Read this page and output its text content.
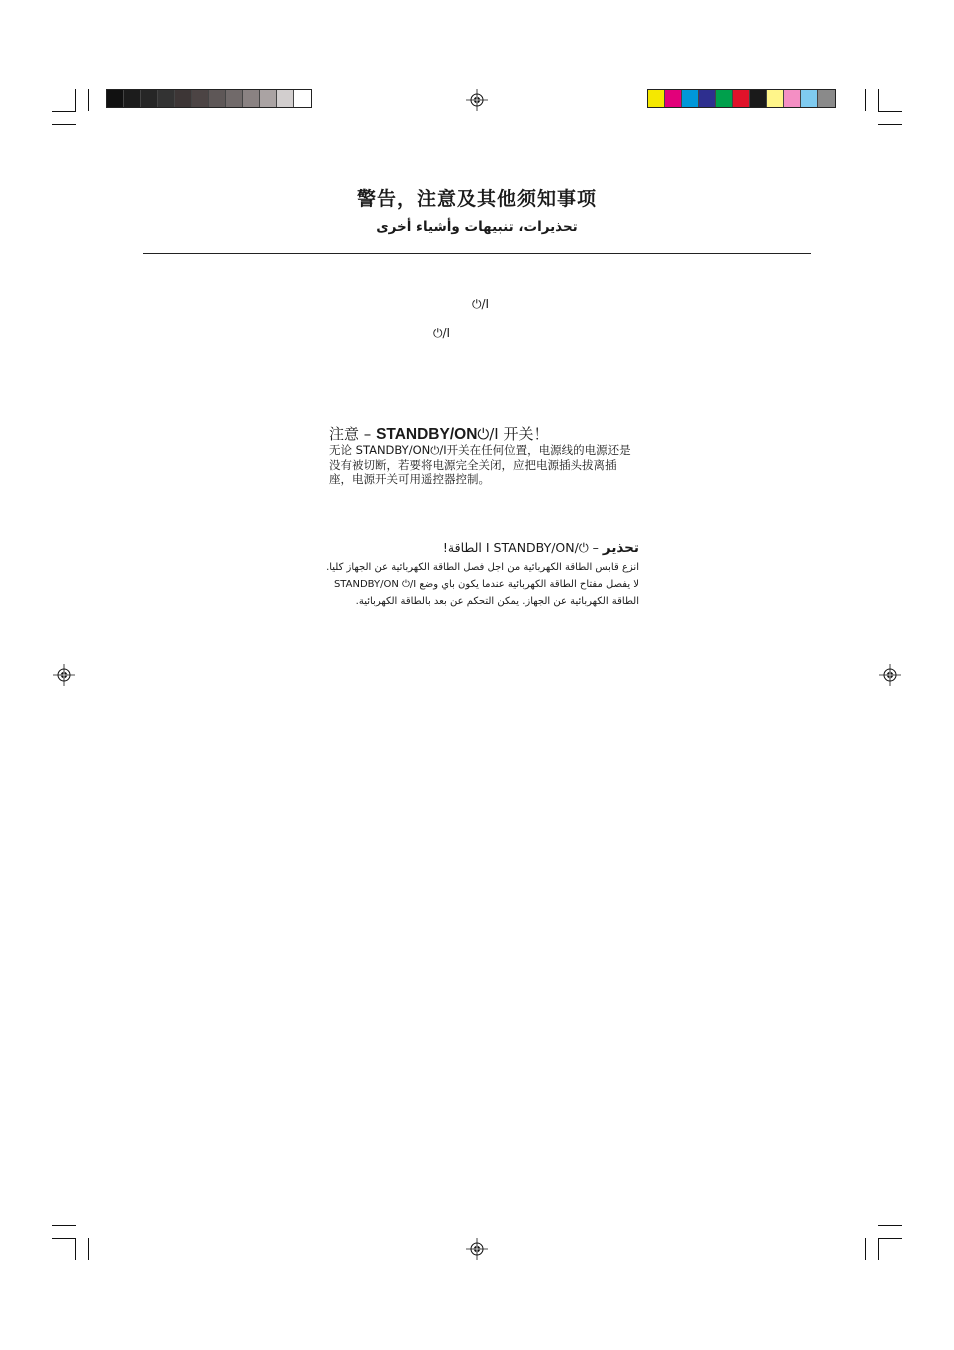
警告，注意及其他须知事项
تحذيرات، تنبيهات وأشياء أخرى
⏻/I
⏻/I
注意 – STANDBY/ON⏻/I 开关！
无论 STANDBY/ON⏻/I开关在任何位置，电源线的电源还是没有被切断，若要将电源完全关闭，应把电源插头拔离插座，电源开关可用遥控器控制。
تحذير – ⏻/I STANDBY/ON الطاقة!
انزع قابس الطاقة الكهربائية من اجل فصل الطاقة الكهربائية عن الجهاز كليا.
لا يفصل مفتاح الطاقة الكهربائية عندما يكون باي وضع STANDBY/ON ⏻/I
الطاقة الكهربائية عن الجهاز. يمكن التحكم عن بعد بالطاقة الكهربائية.
